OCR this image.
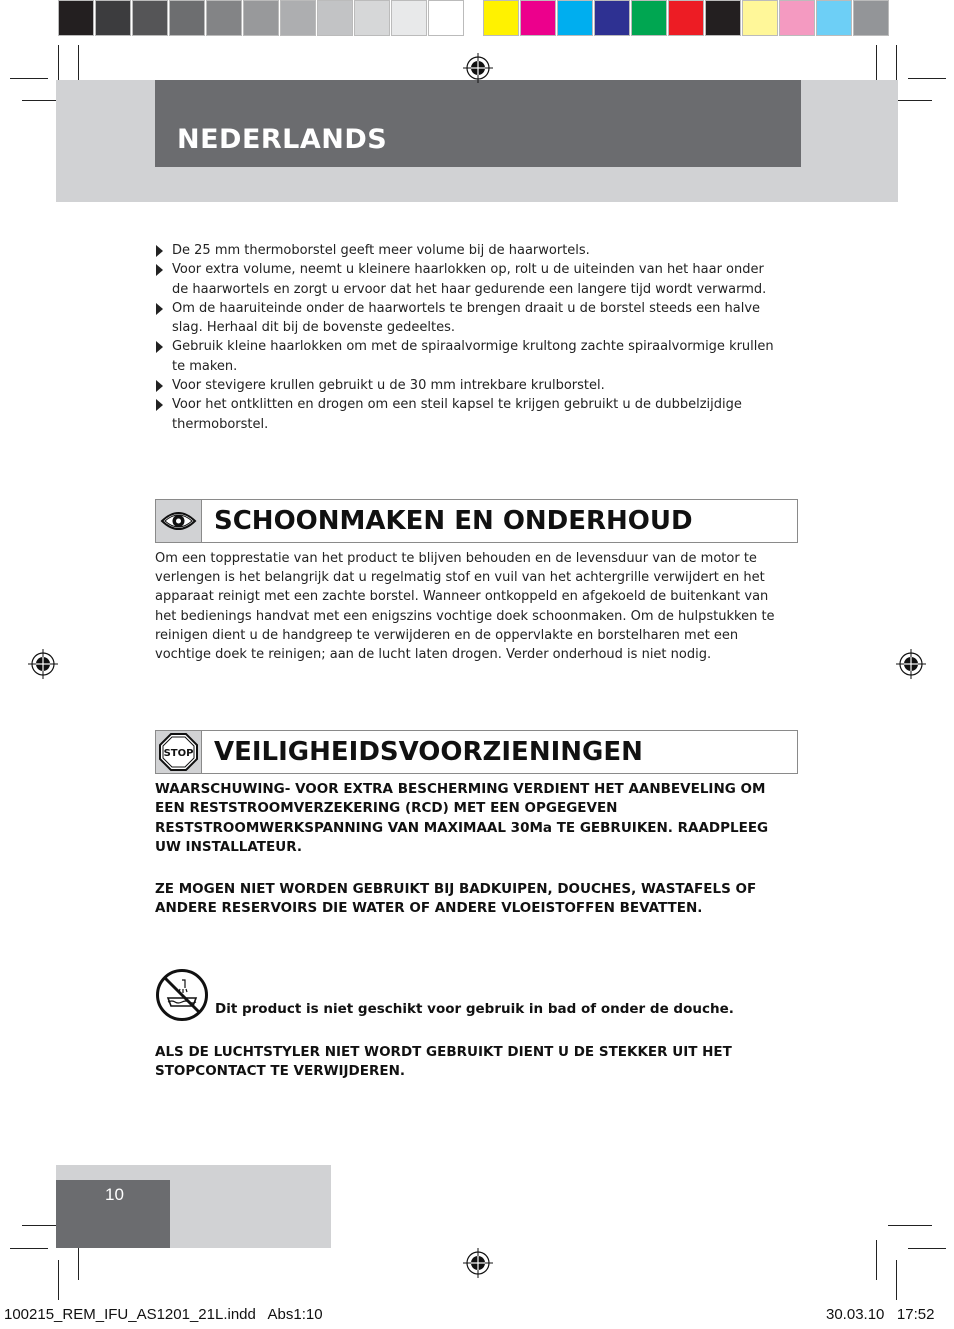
NEDERLANDS
De 25 mm thermoborstel geeft meer volume bij de haarwortels.
Voor extra volume, neemt u kleinere haarlokken op, rolt u de uiteinden van het haar onder de haarwortels en zorgt u ervoor dat het haar gedurende een langere tijd wordt verwarmd.
Om de haaruiteinde onder de haarwortels te brengen draait u de borstel steeds een halve slag. Herhaal dit bij de bovenste gedeeltes.
Gebruik kleine haarlokken om met de spiraalvormige krultong zachte spiraalvormige krullen te maken.
Voor stevigere krullen gebruikt u de 30 mm intrekbare krulborstel.
Voor het ontklitten en drogen om een steil kapsel te krijgen gebruikt u de dubbelzijdige thermoborstel.
SCHOONMAKEN EN ONDERHOUD
Om een topprestatie van het product te blijven behouden en de levensduur van de motor te verlengen is het belangrijk dat u regelmatig stof en vuil van het achtergrille verwijdert en het apparaat reinigt met een zachte borstel. Wanneer ontkoppeld en afgekoeld de buitenkant van het bedienings handvat met een enigszins vochtige doek schoonmaken. Om de hulpstukken te reinigen dient u de handgreep te verwijderen en de oppervlakte en borstelharen met een vochtige doek te reinigen; aan de lucht laten drogen. Verder onderhoud is niet nodig.
STOP VEILIGHEIDSVOORZIENINGEN
WAARSCHUWING- VOOR EXTRA BESCHERMING VERDIENT HET AANBEVELING OM EEN RESTSTROOMVERZEKERING (RCD) MET EEN OPGEGEVEN RESTSTROOMWERKSPANNING VAN MAXIMAAL 30Ma TE GEBRUIKEN. RAADPLEEG UW INSTALLATEUR.
ZE MOGEN NIET WORDEN GEBRUIKT BIJ BADKUIPEN, DOUCHES, WASTAFELS OF ANDERE RESERVOIRS DIE WATER OF ANDERE VLOEISTOFFEN BEVATTEN.
Dit product is niet geschikt voor gebruik in bad of onder de douche.
ALS DE LUCHTSTYLER NIET WORDT GEBRUIKT DIENT U DE STEKKER UIT HET STOPCONTACT TE VERWIJDEREN.
10
100215_REM_IFU_AS1201_21L.indd   Abs1:10	30.03.10   17:52
